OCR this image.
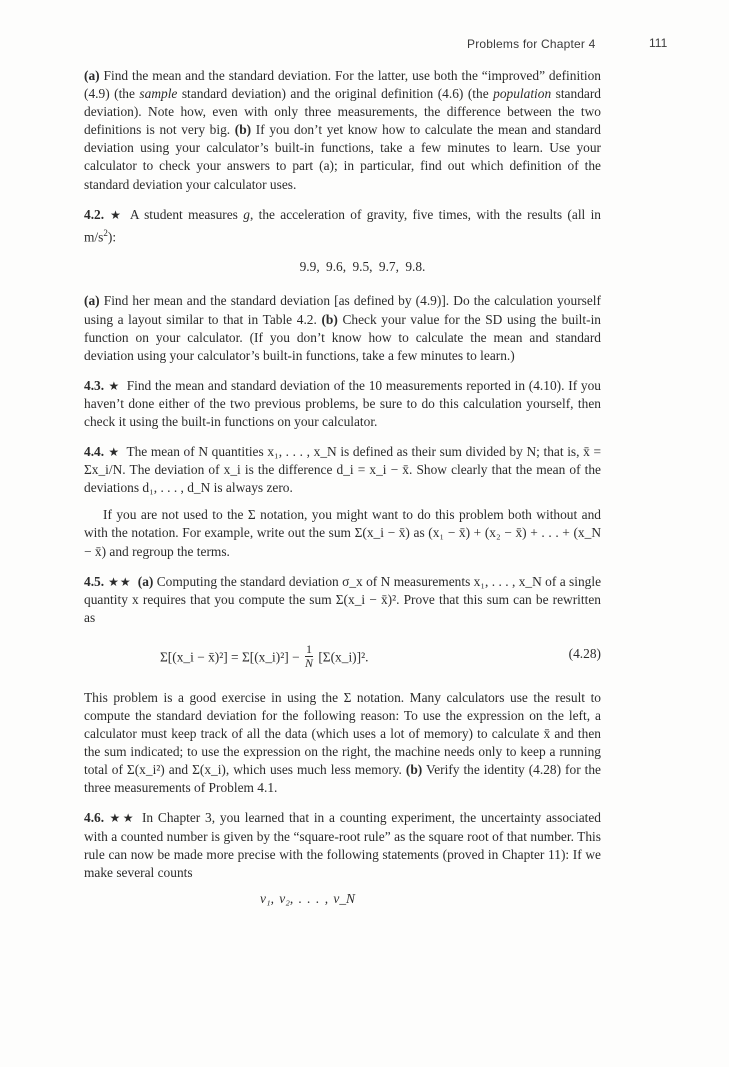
Problems for Chapter 4	111

(a) Find the mean and the standard deviation. For the latter, use both the “improved” definition (4.9) (the sample standard deviation) and the original definition (4.6) (the population standard deviation). Note how, even with only three measurements, the difference between the two definitions is not very big. (b) If you don’t yet know how to calculate the mean and standard deviation using your calculator’s built-in functions, take a few minutes to learn. Use your calculator to check your answers to part (a); in particular, find out which definition of the standard deviation your calculator uses.

4.2. ★ A student measures g, the acceleration of gravity, five times, with the results (all in $m/s^2$):

9.9, 9.6, 9.5, 9.7, 9.8.

(a) Find her mean and the standard deviation [as defined by (4.9)]. Do the calculation yourself using a layout similar to that in Table 4.2. (b) Check your value for the SD using the built-in function on your calculator. (If you don’t know how to calculate the mean and standard deviation using your calculator’s built-in functions, take a few minutes to learn.)

4.3. ★ Find the mean and standard deviation of the 10 measurements reported in (4.10). If you haven’t done either of the two previous problems, be sure to do this calculation yourself, then check it using the built-in functions on your calculator.

4.4. ★ The mean of N quantities x₁, . . . , x_N is defined as their sum divided by N; that is, x̄ = Σx_i/N. The deviation of x_i is the difference d_i = x_i − x̄. Show clearly that the mean of the deviations d₁, . . . , d_N is always zero.

If you are not used to the Σ notation, you might want to do this problem both without and with the notation. For example, write out the sum Σ(x_i − x̄) as (x₁ − x̄) + (x₂ − x̄) + . . . + (x_N − x̄) and regroup the terms.

4.5. ★★ (a) Computing the standard deviation σ_x of N measurements x₁, . . . , x_N of a single quantity x requires that you compute the sum Σ(x_i − x̄)². Prove that this sum can be rewritten as

Σ[(x_i − x̄)²] = Σ[(x_i)²] − $\frac{1}{N}$ [Σ(x_i)]².	(4.28)

This problem is a good exercise in using the Σ notation. Many calculators use the result to compute the standard deviation for the following reason: To use the expression on the left, a calculator must keep track of all the data (which uses a lot of memory) to calculate x̄ and then the sum indicated; to use the expression on the right, the machine needs only to keep a running total of Σ(x_i²) and Σ(x_i), which uses much less memory. (b) Verify the identity (4.28) for the three measurements of Problem 4.1.

4.6. ★★ In Chapter 3, you learned that in a counting experiment, the uncertainty associated with a counted number is given by the “square-root rule” as the square root of that number. This rule can now be made more precise with the following statements (proved in Chapter 11): If we make several counts

ν₁, ν₂, . . . , ν_N
